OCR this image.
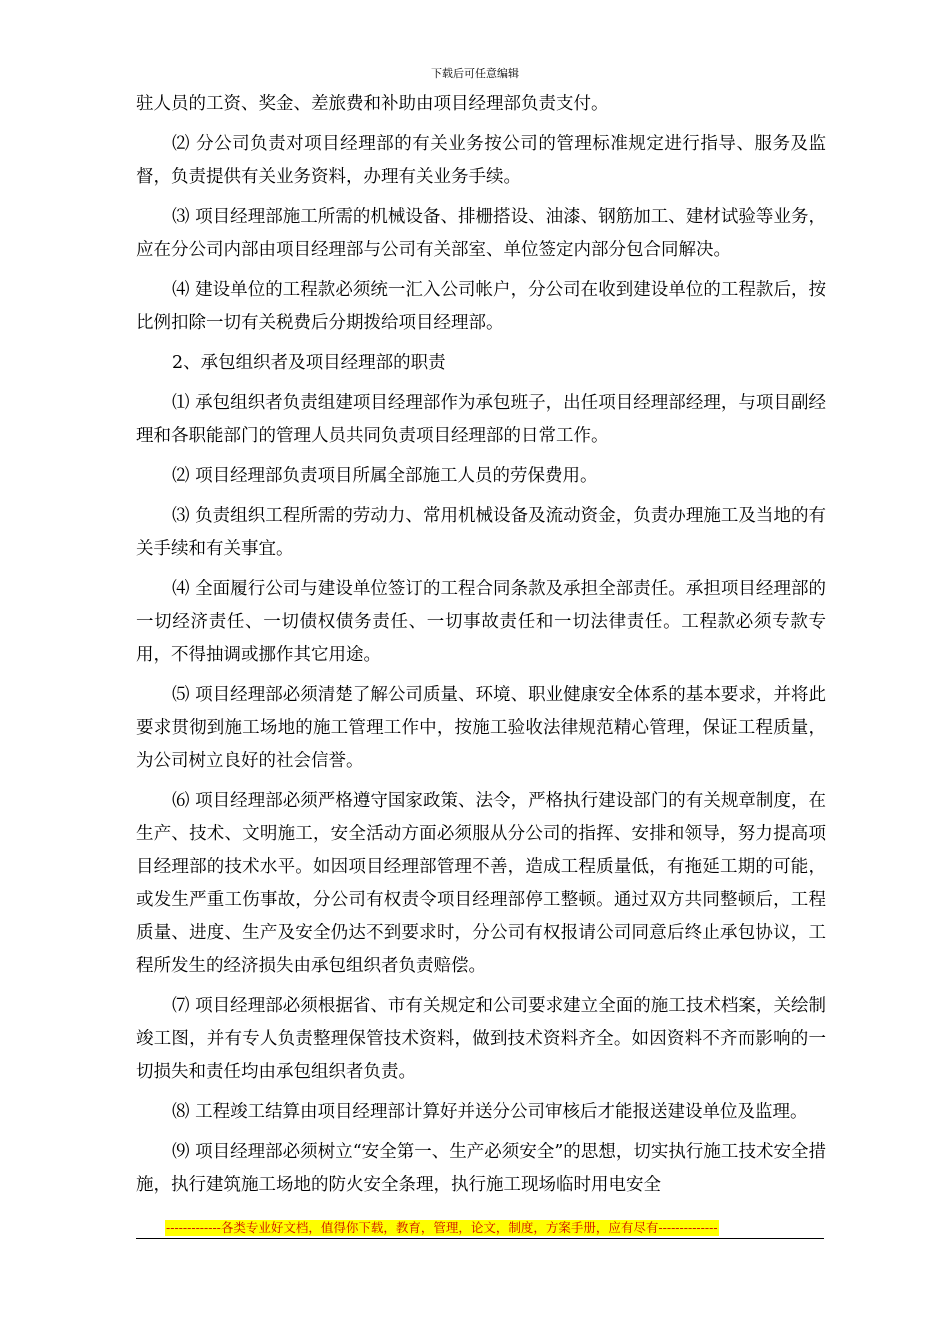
下载后可任意编辑

驻人员的工资、奖金、差旅费和补助由项目经理部负责支付。

⑵ 分公司负责对项目经理部的有关业务按公司的管理标准规定进行指导、服务及监督，负责提供有关业务资料，办理有关业务手续。

⑶ 项目经理部施工所需的机械设备、排栅搭设、油漆、钢筋加工、建材试验等业务，应在分公司内部由项目经理部与公司有关部室、单位签定内部分包合同解决。

⑷ 建设单位的工程款必须统一汇入公司帐户，分公司在收到建设单位的工程款后，按比例扣除一切有关税费后分期拨给项目经理部。

2、承包组织者及项目经理部的职责

⑴ 承包组织者负责组建项目经理部作为承包班子，出任项目经理部经理，与项目副经理和各职能部门的管理人员共同负责项目经理部的日常工作。

⑵ 项目经理部负责项目所属全部施工人员的劳保费用。

⑶ 负责组织工程所需的劳动力、常用机械设备及流动资金，负责办理施工及当地的有关手续和有关事宜。

⑷ 全面履行公司与建设单位签订的工程合同条款及承担全部责任。承担项目经理部的一切经济责任、一切债权债务责任、一切事故责任和一切法律责任。工程款必须专款专用，不得抽调或挪作其它用途。

⑸ 项目经理部必须清楚了解公司质量、环境、职业健康安全体系的基本要求，并将此要求贯彻到施工场地的施工管理工作中，按施工验收法律规范精心管理，保证工程质量，为公司树立良好的社会信誉。

⑹ 项目经理部必须严格遵守国家政策、法令，严格执行建设部门的有关规章制度，在生产、技术、文明施工，安全活动方面必须服从分公司的指挥、安排和领导，努力提高项目经理部的技术水平。如因项目经理部管理不善，造成工程质量低，有拖延工期的可能，或发生严重工伤事故，分公司有权责令项目经理部停工整顿。通过双方共同整顿后，工程质量、进度、生产及安全仍达不到要求时，分公司有权报请公司同意后终止承包协议，工程所发生的经济损失由承包组织者负责赔偿。

⑺ 项目经理部必须根据省、市有关规定和公司要求建立全面的施工技术档案，关绘制竣工图，并有专人负责整理保管技术资料，做到技术资料齐全。如因资料不齐而影响的一切损失和责任均由承包组织者负责。

⑻ 工程竣工结算由项目经理部计算好并送分公司审核后才能报送建设单位及监理。

⑼ 项目经理部必须树立“安全第一、生产必须安全”的思想，切实执行施工技术安全措施，执行建筑施工场地的防火安全条理，执行施工现场临时用电安全

-------------各类专业好文档，值得你下载，教育，管理，论文，制度，方案手册，应有尽有--------------
